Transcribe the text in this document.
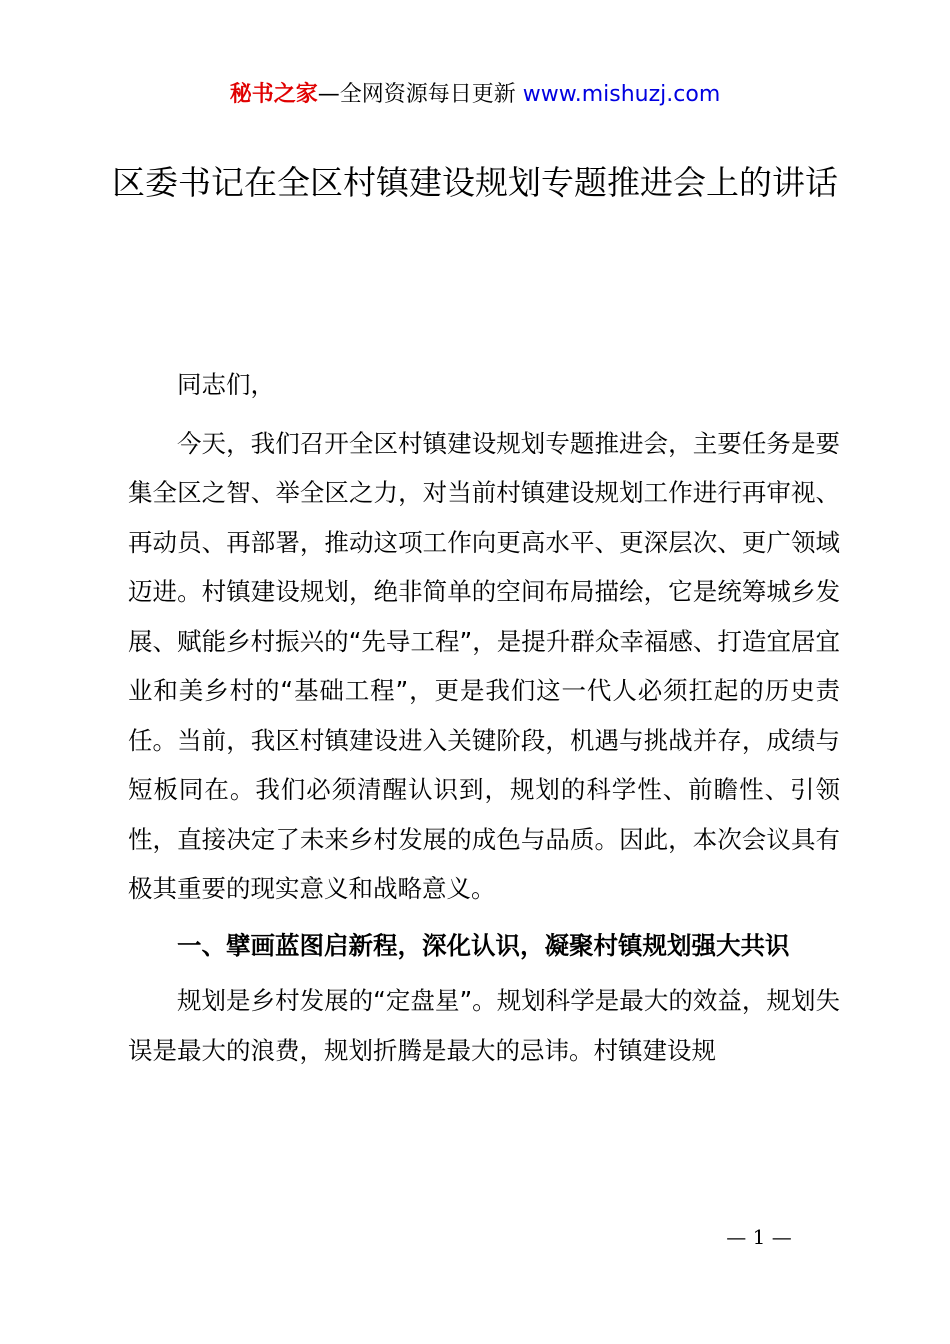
秘书之家—全网资源每日更新 www.mishuzj.com
区委书记在全区村镇建设规划专题推进会上的讲话

同志们，

今天，我们召开全区村镇建设规划专题推进会，主要任务是要集全区之智、举全区之力，对当前村镇建设规划工作进行再审视、再动员、再部署，推动这项工作向更高水平、更深层次、更广领域迈进。村镇建设规划，绝非简单的空间布局描绘，它是统筹城乡发展、赋能乡村振兴的“先导工程”，是提升群众幸福感、打造宜居宜业和美乡村的“基础工程”，更是我们这一代人必须扛起的历史责任。当前，我区村镇建设进入关键阶段，机遇与挑战并存，成绩与短板同在。我们必须清醒认识到，规划的科学性、前瞻性、引领性，直接决定了未来乡村发展的成色与品质。因此，本次会议具有极其重要的现实意义和战略意义。

一、擘画蓝图启新程，深化认识，凝聚村镇规划强大共识

规划是乡村发展的“定盘星”。规划科学是最大的效益，规划失误是最大的浪费，规划折腾是最大的忌讳。村镇建设规

— 1 —
